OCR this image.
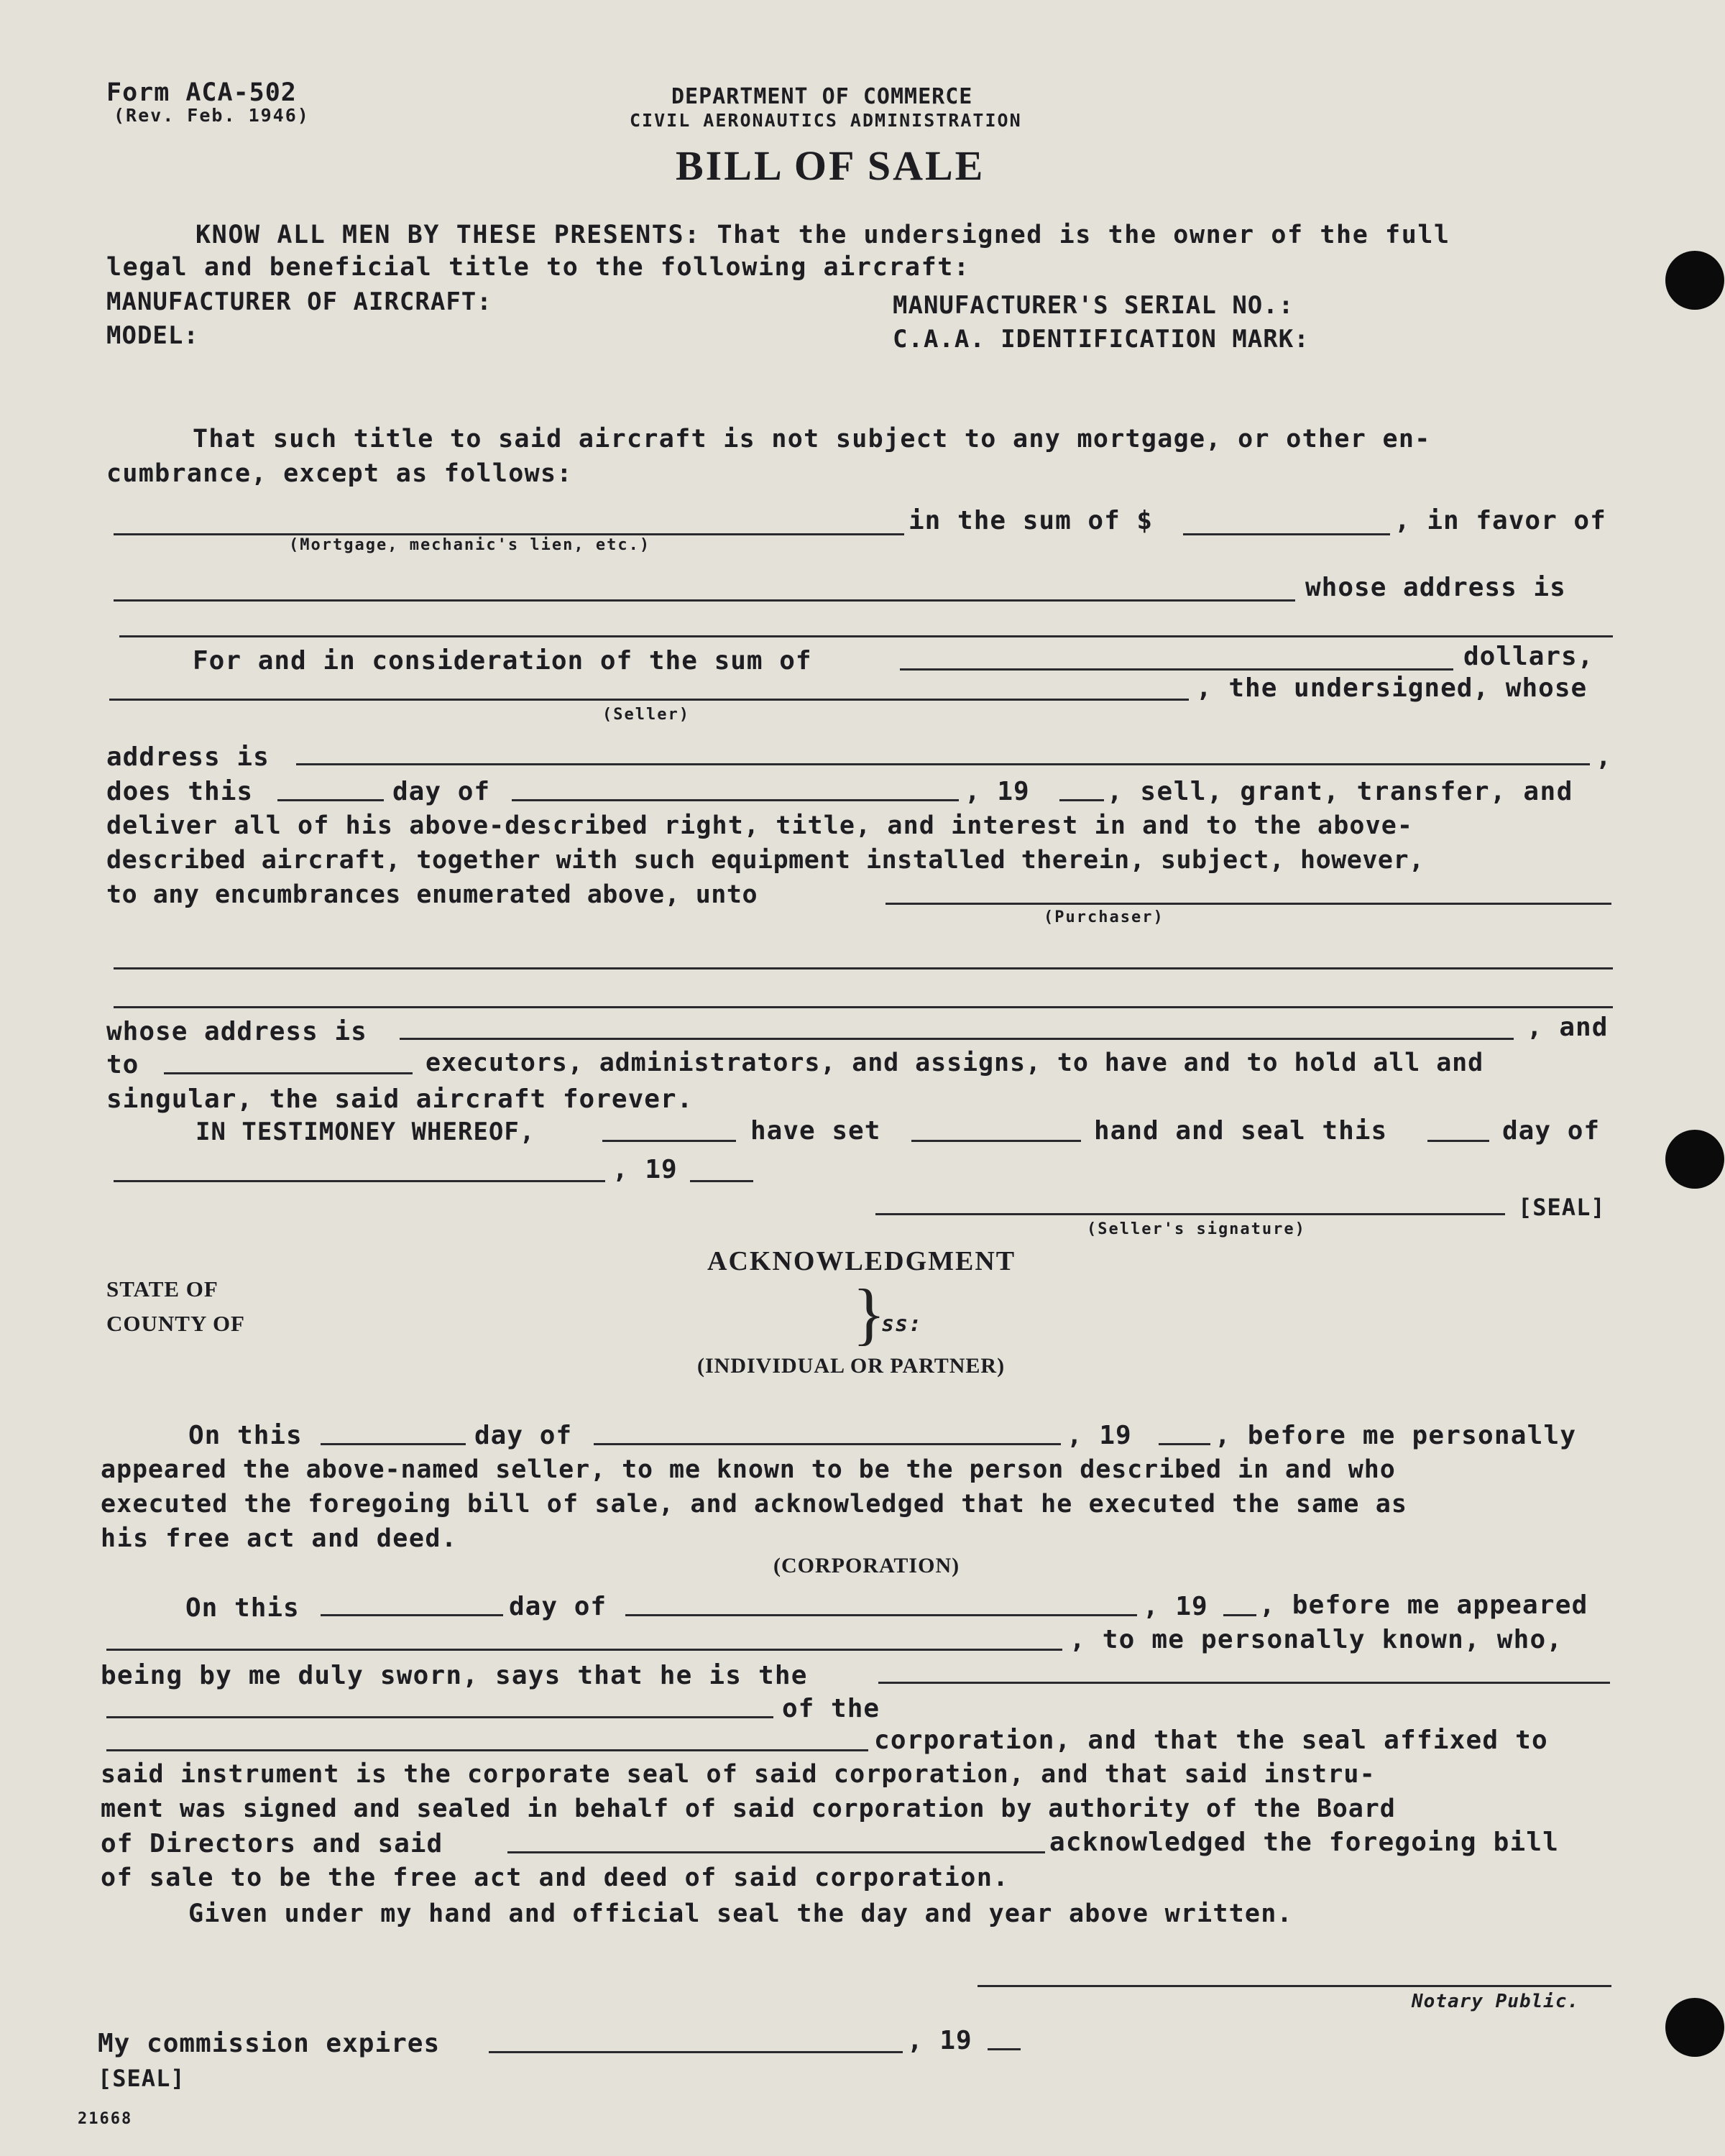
Form ACA-502
(Rev. Feb. 1946)
DEPARTMENT OF COMMERCE
CIVIL AERONAUTICS ADMINISTRATION
BILL OF SALE
KNOW ALL MEN BY THESE PRESENTS: That the undersigned is the owner of the full
legal and beneficial title to the following aircraft:
MANUFACTURER OF AIRCRAFT:	MANUFACTURER'S SERIAL NO.:
MODEL:	C.A.A. IDENTIFICATION MARK:
That such title to said aircraft is not subject to any mortgage, or other en-
cumbrance, except as follows:
in the sum of $	, in favor of
(Mortgage, mechanic's lien, etc.)
whose address is
For and in consideration of the sum of	dollars,
, the undersigned, whose
(Seller)
address is	,
does this	day of	, 19	, sell, grant, transfer, and
deliver all of his above-described right, title, and interest in and to the above-
described aircraft, together with such equipment installed therein, subject, however,
to any encumbrances enumerated above, unto
(Purchaser)
whose address is	, and
to	executors, administrators, and assigns, to have and to hold all and
singular, the said aircraft forever.
IN TESTIMONEY WHEREOF,	have set	hand and seal this	day of
, 19
[SEAL]
(Seller's signature)
ACKNOWLEDGMENT
STATE OF
COUNTY OF	}
ss:
(INDIVIDUAL OR PARTNER)
On this	day of	, 19	, before me personally
appeared the above-named seller, to me known to be the person described in and who
executed the foregoing bill of sale, and acknowledged that he executed the same as
his free act and deed.
(CORPORATION)
On this	day of	, 19 , before me appeared
, to me personally known, who,
being by me duly sworn, says that he is the
of the
corporation, and that the seal affixed to
said instrument is the corporate seal of said corporation, and that said instru-
ment was signed and sealed in behalf of said corporation by authority of the Board
of Directors and said	acknowledged the foregoing bill
of sale to be the free act and deed of said corporation.
Given under my hand and official seal the day and year above written.
Notary Public.
My commission expires	, 19
[SEAL]
21668
